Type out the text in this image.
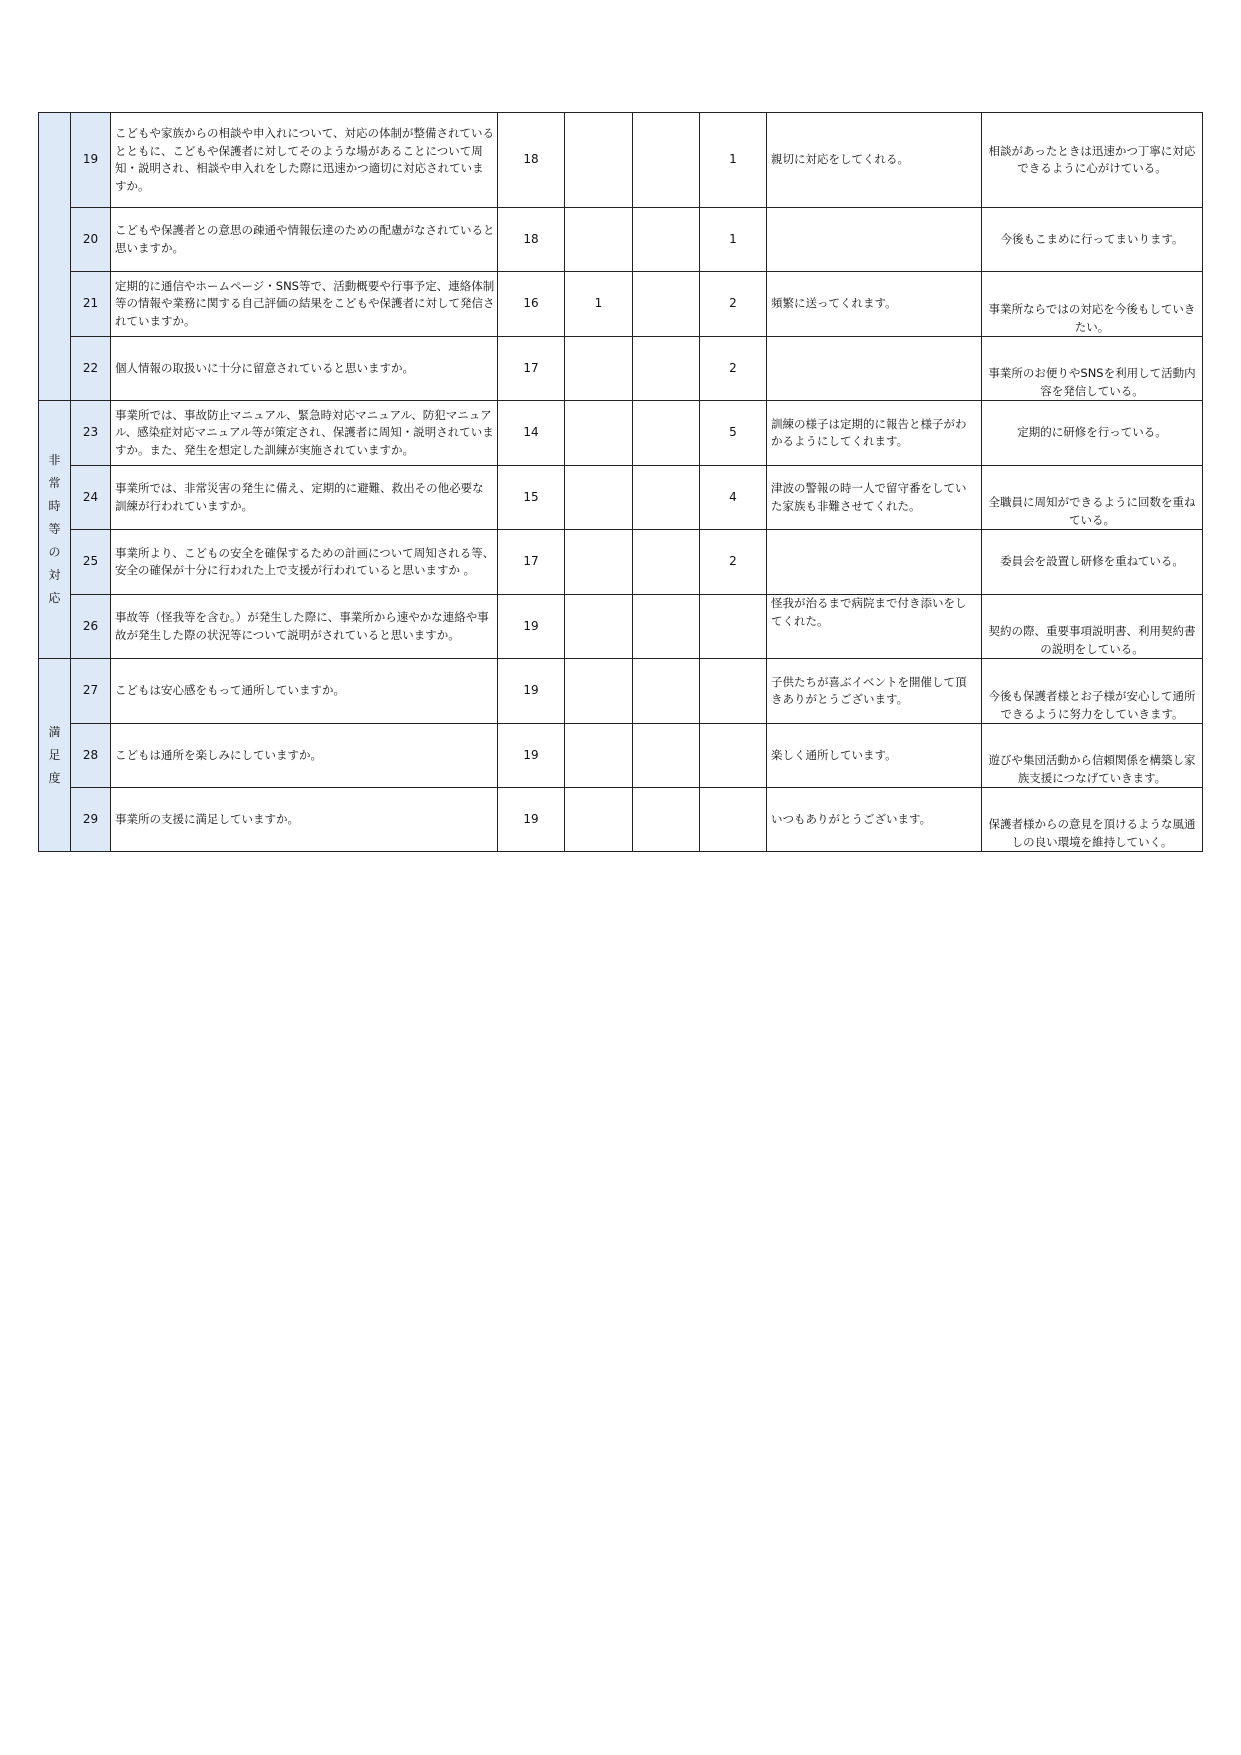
	19	こどもや家族からの相談や申入れについて、対応の体制が整備されているとともに、こどもや保護者に対してそのような場があることについて周知・説明され、相談や申入れをした際に迅速かつ適切に対応されていますか。	18			1	親切に対応をしてくれる。	相談があったときは迅速かつ丁寧に対応できるように心がけている。
	20	こどもや保護者との意思の疎通や情報伝達のための配慮がなされていると思いますか。	18			1		今後もこまめに行ってまいります。
	21	定期的に通信やホームページ・SNS等で、活動概要や行事予定、連絡体制等の情報や業務に関する自己評価の結果をこどもや保護者に対して発信されていますか。	16	1		2	頻繁に送ってくれます。	事業所ならではの対応を今後もしていきたい。
	22	個人情報の取扱いに十分に留意されていると思いますか。	17			2		事業所のお便りやSNSを利用して活動内容を発信している。
非常時等の対応	23	事業所では、事故防止マニュアル、緊急時対応マニュアル、防犯マニュアル、感染症対応マニュアル等が策定され、保護者に周知・説明されていますか。また、発生を想定した訓練が実施されていますか。	14			5	訓練の様子は定期的に報告と様子がわかるようにしてくれます。	定期的に研修を行っている。
	24	事業所では、非常災害の発生に備え、定期的に避難、救出その他必要な訓練が行われていますか。	15			4	津波の警報の時一人で留守番をしていた家族も非難させてくれた。	全職員に周知ができるように回数を重ねている。
	25	事業所より、こどもの安全を確保するための計画について周知される等、安全の確保が十分に行われた上で支援が行われていると思いますか 。	17			2		委員会を設置し研修を重ねている。
	26	事故等（怪我等を含む。）が発生した際に、事業所から速やかな連絡や事故が発生した際の状況等について説明がされていると思いますか。	19				怪我が治るまで病院まで付き添いをしてくれた。	契約の際、重要事項説明書、利用契約書の説明をしている。
満足度	27	こどもは安心感をもって通所していますか。	19				子供たちが喜ぶイベントを開催して頂きありがとうございます。	今後も保護者様とお子様が安心して通所できるように努力をしていきます。
	28	こどもは通所を楽しみにしていますか。	19				楽しく通所しています。	遊びや集団活動から信頼関係を構築し家族支援につなげていきます。
	29	事業所の支援に満足していますか。	19				いつもありがとうございます。	保護者様からの意見を頂けるような風通しの良い環境を維持していく。
